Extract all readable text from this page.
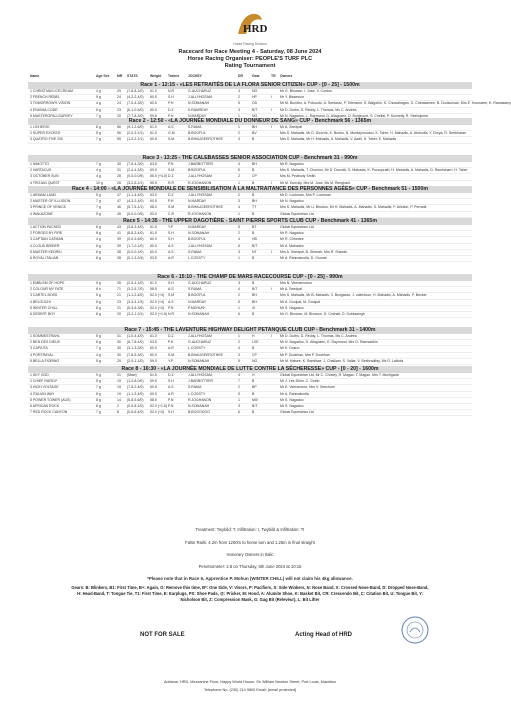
HRD
Horse Racing Division
Racecard for Race Meeting 4 - Saturday, 08 June 2024
Horse Racing Organiser: PEOPLE'S TURF PLC
Rating Tournament
Name	Age Sex MR STATS	Weight Trainer	JOCKEY	DR	Gear	TR Owners
Race 1 - 12:15 - «LES RETRAITÉS DE LA FLORA SENIOR CITIZEN» CUP - [0 - 25] - 1500m
1 CHRISTMAS ICECREAM	4 g	29	(7-8-8-2/0)	61.0	N.R	G.AUCHARUZ	4	NO	Mr G. Bhowon, I. Jose, V. Curdon
2 FRENCH REBEL	5 g	24	(4-2-2-4/0)	60.5	S.H	J.ALLYHOSAM	2	HP	I	Mr Y. Bissessur
3 TOMORROW'S VISION	4 g	24	(7-0-4-3/0)	60.5	P.H	N.SOMANAH	5	CB	Mr M. Bundhu, A. Pokoodo, A. Seetaraz, P. Teleraum, S. Balgobin, S. Chuwahagan, G. Chinasamee, B. Dookunsan, Mrs E. Koonaree, K. Ramasamy
4 ENIGMA CODE	6 g	23	(6-1-0-5/0)	60.0	D.Z	K.RAMSEAY	3	B/T	I	Mr D. Durbs, S. Reddy, L. Thomas, Ms C. Andrea
5 MASTEROFALLSURVEY	7 g	20	(7-7-8-3/0)	59.5	P.H	N.MARDAY	1	NO	Mr N. Nagadoo, L. Raymond, D. Allagusen, D. Bonjicourt, S. Chellal, P. Kunnelly, R. Seebojmee
Race 2 - 12:50 - «LA JOURNÉE MONDIALE DU DONNEUR DE SANG» CUP - Benchmark 56 - 1365m
1 LICHERIO	8 g	56	(9-1-2-6/0)	61.0	A.S	S.RAMA	1	BH	I	Mr A. Seedpal
2 SUPER EXCEED	5 g	56	(2-0-3-1/1)	61.0	G.M	B.BOOFUL	2	BV	Mrs S. Mahadis, Mr D. Doorvik, K. Bunko, N. Murdaymootoo, K. Taher, H. Mahadis, A. Abdoolla, Y. Dorya, R. Seebharan
3 QUATRO FIVE SIX	7 g	55	(1-2-2-1/1)	60.5	S.M	B.BHAUGEEROTHEE	3	B	Mrs S. Mahadis, Mr H. Mahadis, A. Mahadis, V. Aadil, H. Taher, E. Mahadis
Race 3 - 13:25 - THE CALEBASSES SENIOR ASSOCIATION CUP - Benchmark 31 - 990m
1 NIMOTTO	7 g	30	(7-6-4-3/0)	63.5	P.N	J.BARBOTTIER	4	BH	Mr R. Nagadoo
2 VARTACUS	4 g	31	(2-4-4-3/0)	60.0	S.M	B.BOOFUL	5	B	Mrs S. Mahadis, T. Chovlun, Mr D. Doorvik, S. Mahadis, K. Puccoprath, H. Mahadis, A. Mahadis, D. Ramlicharn, H. Taher
3 OCTOBER SUN	4 g	28	(0-0-0-0/5)	55.5 (+4.0) D.Z	J.ALLYHOSAM	2	CP	Mrs M. Peabody Smith
4 TROJAN QUEST	10 g	26	(3-2-5-1/1)	55.5	R.R	R.JOGHANON	1	B	I	Mr M. Kurrully, Mrs M. Jose, Ms M. Renghant
Race 4 - 14:00 - «LA JOURNÉE MONDIALE DE SENSIBILISATION À LA MALTRAITANCE DES PERSONNES AGÉES» CUP - Benchmark 51 - 1500m
1 ARMAM LAND	5 g	47	(1-1-4-4/0)	63.0	D.Z	J.ALLYHOSAM	2	B	Mr D. Lochman, Mrs P. Lochman
2 MASTER OF ILLUSION	7 g	47	(4-3-2-4/0)	60.5	P.H	N.MARDAY	3	BH	Mr N. Nagadoo
3 PRINCE OF VENICE	7 g	46	(5-7-5-1/1)	58.0	S.M	B.BHAUGEEROTHEE	4	TT	Mrs S. Mahadis, Mr U. Bhudoo, Mr H. Mahadis, A. Mahadis, S. Mahadis, F. Aristion, P. Perrault
4 WAKAZONE	5 g	45	(0-0-0-0/5)	53.0	C.R	R.JOGHANON	1	B	Global Equestrian Ltd
Race 5 - 14:35 - THE UPPER DAGOTIÈRE - SAINT PIERRE SPORTS CLUB CUP - Benchmark 41 - 1365m
1 ACTION PACKED	6 g	43	(3-6-3-4/0)	61.5	Y.P	N.MARDAY	5	BT	Global Equestrian Ltd
2 FORGES BY FIRE	8 g	41	(8-8-3-4/0)	61.0	S.H	N.SOMANAH	2	B	Mr R. Nagadoo
3 CAPTAIN CATMAN	4 g	39	(0-0-3-5/0)	60.0	S.H	B.BOOFUL	4	HB	Mr R. Chhedee
4 CLOUD BRIDER	6 g	39	(1-7-0-1/0)	60.0	A.S	J.ALLYHOSAM	6	B/T	Mr A. Mahadeo
5 MASTER KEDRIU	6 g	38	(0-0-0-1/0)	60.0	A.S	S.RAMA	3	NT	I	Mrs A. Seedpal, B. Sheeah, Mrs R. Sheeah
6 ROYAL ITALIAN	8 g	38	(0-1-3-2/4)	53.5	A.R	L.COSSTY	1	B	Mr A. Rahmatoolla, D. Goorah
Race 6 - 15:10 - THE CHAMP DE MARS RACECOURSE CUP - [0 - 25] - 990m
1 EMBLEM OF HOPE	9 g	26	(2-5-4-1/0)	61.0	S.H	G.AUCHARUZ	3	B	Mrs N. Veeramootoo
2 COLOUR MY FATE	6 h	71	(3-2-5-7/0)	58.5	A.S	S.RAMA	4	B/T	I	Mr A. Seedpal
3 CARTEL BOSS	5 g	21	(1-1-2-4/0)	52.0 (+4) S.M	B.BOOFUL	2	BH	Mrs S. Mahadis, Mr B. Mahadis, V. Bungasso, J. valentoon, H. Mahadis, A. Mahadis, P. Becker
4 BELOUCHI	6 g	23	(3-3-4-1/3)	52.0 (+4) A.S	N.MARDAY	5	BH	Mr A. Goolpal, M. Goolpal
5 WINTER CHILL	8 g	21	(5-3-6-3/6)	52.0 (+4) P.N	P.MOHUN*	1	XI	Mr S. Nagadoo
6 DESERT BOY	8 g	20	(3-2-1-2/1)	52.0 (+1.5) N.R	N.SOMANAH	6	B	Mr G. Bhowon, M. Bhowon, D. Cochait, D. Dokkasingh
Race 7 - 15:45 - THE LAVENTURE HIGHWAY DELIGHT PETANQUE CLUB CUP - Benchmark 31 - 1400m
1 SOMMESTRAHL	5 g	31	(1-0-4-4/0)	61.0	D.Z	J.ALLYHOSAM	1	H	I	Mr D. Durbs, D. Reddy, L. Thomas, Ms C. Andrea
2 BEN DES DIEUX	6 g	30	(6-7-8-4/0)	63.5	P.H	G.AUCHARUZ	2	LXE	Mr N. Nagadoo, D. Allagusen, E. Raymond, Mrs G. Ramsadhin
3 CAPIUTA	7 g	30	(3-1-3-3/0)	60.0	A.R	L.COSSTY	4	B	Mr K. Dosun
4 PORTRAYAL	4 g	30	(7-6-5-3/0)	60.0	S.M	B.BHAUGEEROTHEE	3	CP	Mr P. Doobhan, Mrs P. Doobhan
5 BELLA FIORINO	5 g	29	(2-0-1-1/0)	59.0	Y.P	N.SOMANAH	5	NO	Mr M. Halsee, K. Ramlisse, J. Challiam, S. Vallar, V. Seebradifay, Ms G. Lalloda
Race 8 - 16:30 - «LA JOURNÉE MONDIALE DE LUTTE CONTRE LA SÉCHERESSE» CUP - [0 - 20] - 1600m
1 SKY GOD	9 g	21	(Maw)	61.5	D.Z	J.ALLYHOSAM	4	H	Global Equestrian Ltd, Mr C. Chowry, R. Magan, T. Magan, Mrs T. Munilgada
2 CHIEF RAFIDI*	5 g	19	(1-2-8-0/0)	59.5	S.H	J.BARBOTTIER	7	B	Mr J. Lee-Shim, C. Gobin
3 HIGH VOLTAGE	7 g	19	(7-5-2-4/0)	60.5	A.S	S.RAMA	2	BP	Mr K. Veeramoon, Mrs V. Seechurn
4 ITALIAN WAY	8 g	19	(1-1-3-4/0)	60.0	A.R	L.COSSTY	5	B	Mr A. Rahmatoolla
5 POWER TOWER (AUS)	8 g	14	(5-8-5-6/0)	58.0	P.N	R.JOGHANON	1	MIX	Mr S. Nagadoo
6 AFRICAN ROCK	8 g	2	(0-5-8-1/0)	52.0 (+1.5) P.N	N.SOMANAH	3	B/T	Mr S. Nagadoo
7 RED ROCK CANYON	7 g	8	(0-6-6-4/0)	52.0 (+4) S.H	B.BOOOOOO	6	B	Global Equestrian Ltd
Treatment: Twybild: T, Infiltration: I, Twybild & Infiltration: TI
False Rails: 4.2m from 1200m to home turn and 1.25m in final straight
Honorary Owners in Italic
Penetrometer: 2.8 on Thursday, 6th June 2024 at 10:15
*Please note that in Race 6, Apprentice P. Mohun (WINTER CHILL) will not claim his 4kg allowance.
Gears: B: Blinkers, B1: First Time, B+: Again, O: Remove this time, B*: One Side, V: Visors, P: Pacifiers, S: Side Winkers, N: Nose Band, X: Crossed Nose-Band, D: Dropped Nose-Band, H: Head-Band, T: Tongue Tie, T1: First Time, E: Earplugs, PS: Shoe Pads, @: Pricker, M: Hood, A: Alumite Shoe, K: Basket Bit, CR: Crescendo Bit, C: Citation Bit, U: Tongue Bit, Y: Nicholson Bit, Z: Compression Mask, G: Gag Bit (Relevéur), L: Bit Lifter
NOT FOR SALE	Acting Head of HRD
Address: HRD, Mezzanine Floor, Happy World House, Sir William Newton Street, Port Louis, Mauritius
Telephone No. (230) 214 9800 Email: [email protected]
